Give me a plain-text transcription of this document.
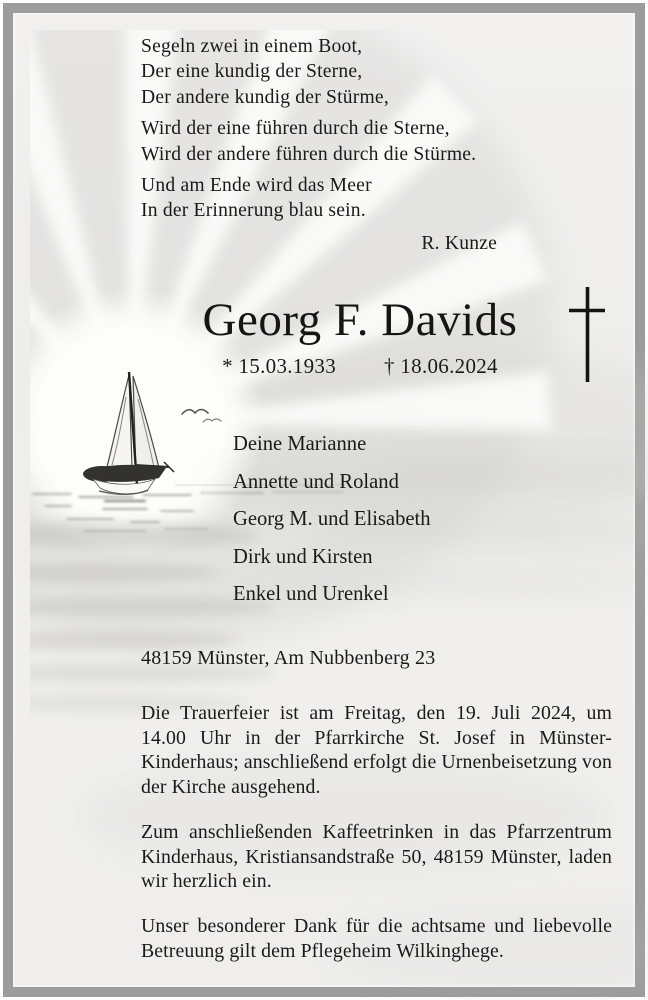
Segeln zwei in einem Boot,
Der eine kundig der Sterne,
Der andere kundig der Stürme,

Wird der eine führen durch die Sterne,
Wird der andere führen durch die Stürme.

Und am Ende wird das Meer
In der Erinnerung blau sein.

R. Kunze
Georg F. Davids
* 15.03.1933 † 18.06.2024
Deine Marianne
Annette und Roland
Georg M. und Elisabeth
Dirk und Kirsten
Enkel und Urenkel
48159 Münster, Am Nubbenberg 23

Die Trauerfeier ist am Freitag, den 19. Juli 2024, um 14.00 Uhr in der Pfarrkirche St. Josef in Münster-Kinderhaus; anschließend erfolgt die Urnenbeisetzung von der Kirche ausgehend.

Zum anschließenden Kaffeetrinken in das Pfarrzentrum Kinderhaus, Kristiansandstraße 50, 48159 Münster, laden wir herzlich ein.

Unser besonderer Dank für die achtsame und liebevolle Betreuung gilt dem Pflegeheim Wilkinghege.
